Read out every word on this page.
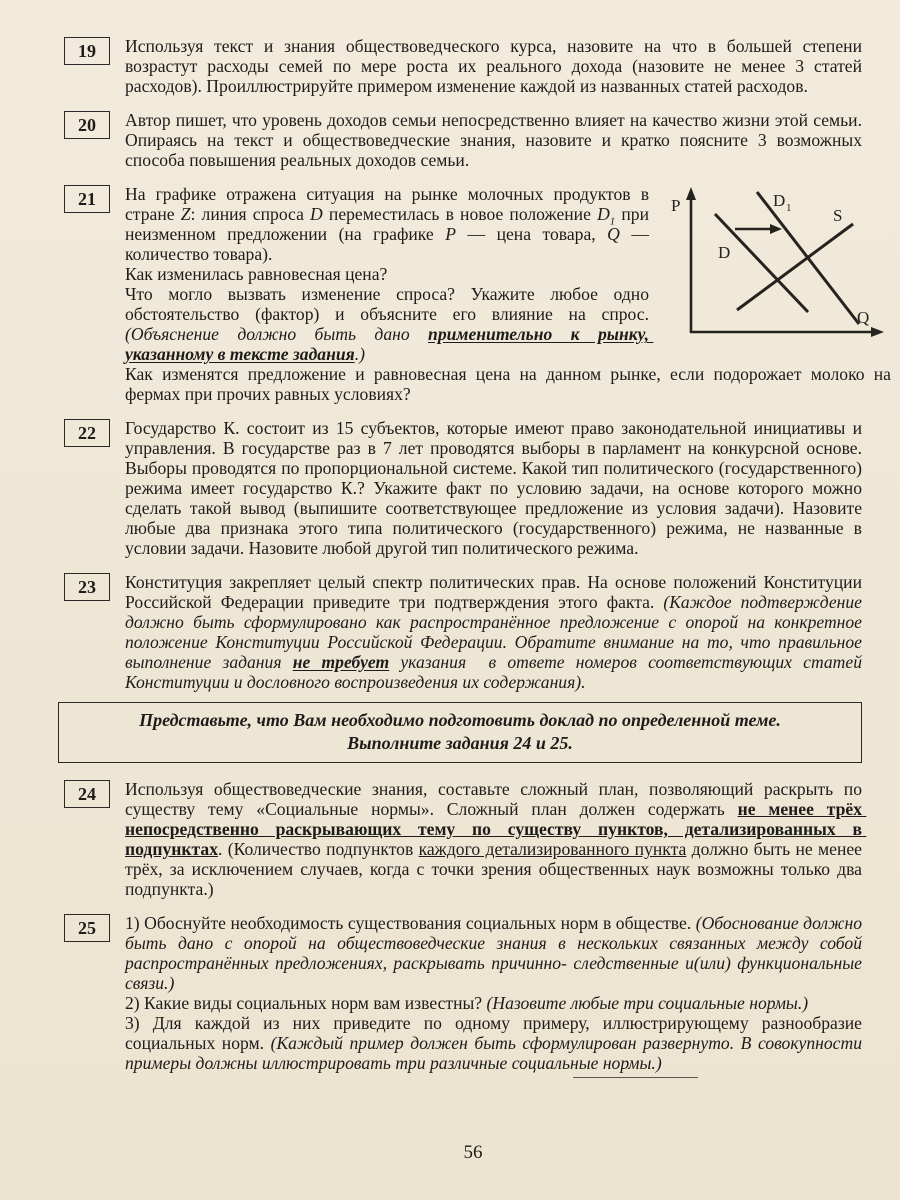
19	Используя текст и знания обществоведческого курса, назовите на что в большей степени возрастут расходы семей по мере роста их реального дохода (назовите не менее 3 статей расходов). Проиллюстрируйте примером изменение каждой из названных статей расходов.
20	Автор пишет, что уровень доходов семьи непосредственно влияет на качество жизни этой семьи. Опираясь на текст и обществоведческие знания, назовите и кратко поясните 3 возможных способа повышения реальных доходов семьи.
21	На графике отражена ситуация на рынке молочных продуктов в стране Z: линия спроса D переместилась в новое положение $D_1$ при неизменном предложении (на графике P — цена товара, Q — количество товара).
Как изменилась равновесная цена?
Что могло вызвать изменение спроса? Укажите любое одно обстоятельство (фактор) и объясните его влияние на спрос. (Объяснение должно быть дано применительно к рынку, указанному в тексте задания.)
P
Q
D
D 1 S
Как изменятся предложение и равновесная цена на данном рынке, если подорожает молоко на фермах при прочих равных условиях?
22	Государство К. состоит из 15 субъектов, которые имеют право законодательной инициативы и управления. В государстве раз в 7 лет проводятся выборы в парламент на конкурсной основе. Выборы проводятся по пропорциональной системе. Какой тип политического (государственного) режима имеет государство К.? Укажите факт по условию задачи, на основе которого можно сделать такой вывод (выпишите соответствующее предложение из условия задачи). Назовите любые два признака этого типа политического (государственного) режима, не названные в условии задачи. Назовите любой другой тип политического режима.
23	Конституция закрепляет целый спектр политических прав. На основе положений Конституции Российской Федерации приведите три подтверждения этого факта. (Каждое подтверждение должно быть сформулировано как распространённое предложение с опорой на конкретное положение Конституции Российской Федерации. Обратите внимание на то, что правильное выполнение задания не требует указания  в ответе номеров соответствующих статей Конституции и дословного воспроизведения их содержания).
Представьте, что Вам необходимо подготовить доклад по определенной теме.
Выполните задания 24 и 25.
24	Используя обществоведческие знания, составьте сложный план, позволяющий раскрыть по существу тему «Социальные нормы». Сложный план должен содержать не менее трёх непосредственно раскрывающих тему по существу пунктов, детализированных в подпунктах. (Количество подпунктов каждого детализированного пункта должно быть не менее трёх, за исключением случаев, когда с точки зрения общественных наук возможны только два подпункта.)
25	1) Обоснуйте необходимость существования социальных норм в обществе. (Обоснование должно быть дано с опорой на обществоведческие знания в нескольких связанных между собой распространённых предложениях, раскрывать причинно- следственные и(или) функциональные связи.)
2) Какие виды социальных норм вам известны? (Назовите любые три социальные нормы.)
3) Для каждой из них приведите по одному примеру, иллюстрирующему разнообразие социальных норм. (Каждый пример должен быть сформулирован развернуто. В совокупности примеры должны иллюстрировать три различные социальные нормы.)
56
